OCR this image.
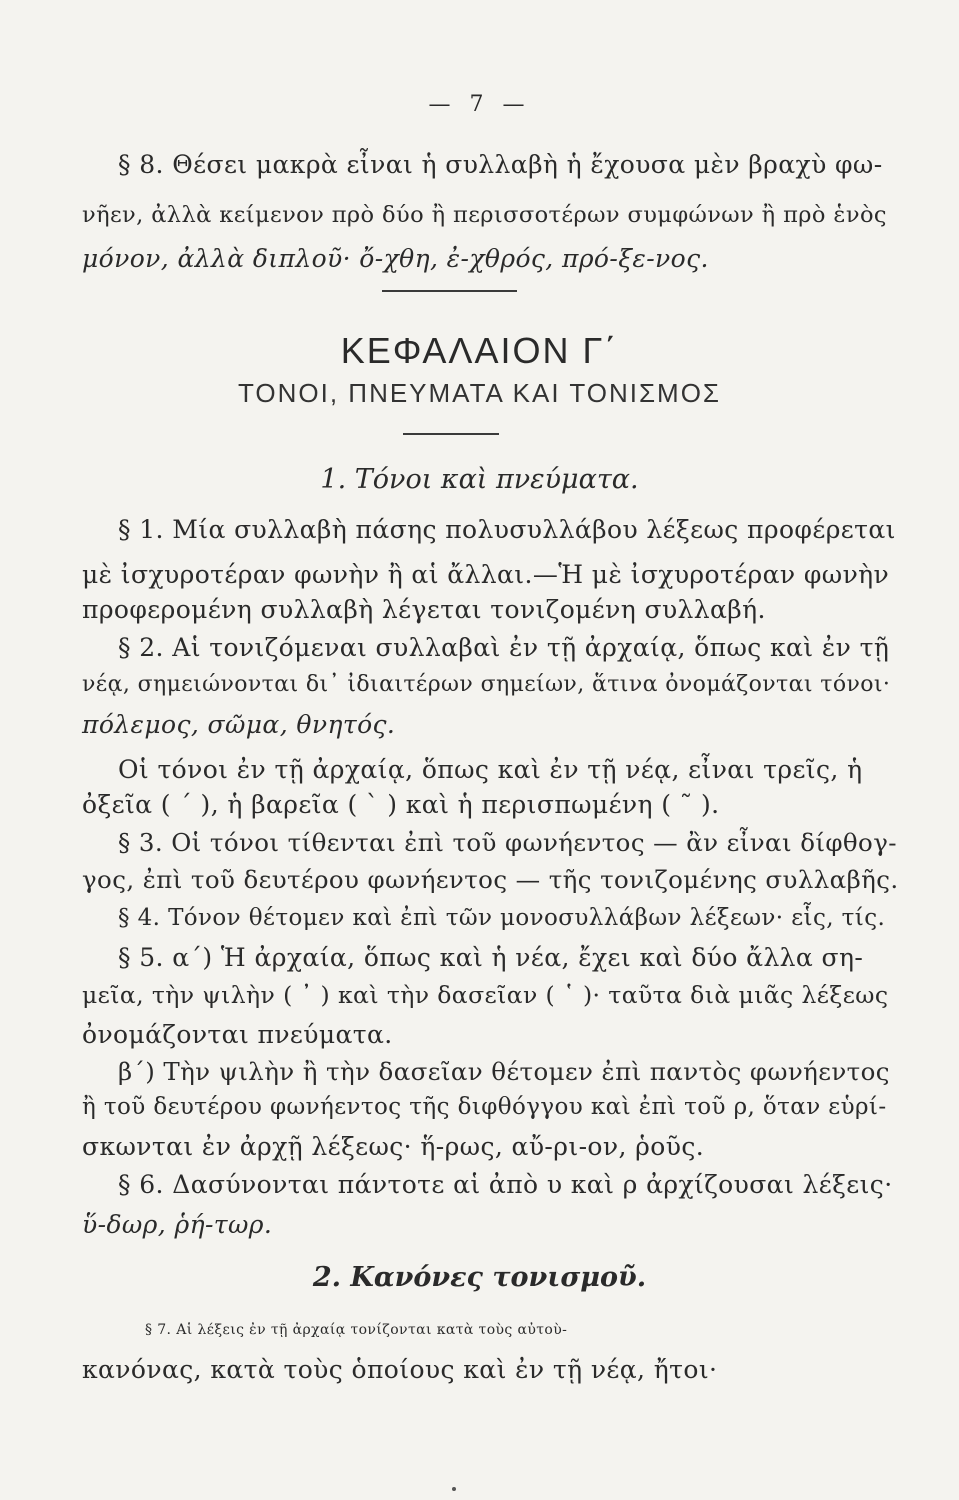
— 7 —
§ 8. Θέσει μακρὰ εἶναι ἡ συλλαβὴ ἡ ἔχουσα μὲν βραχὺ φω-
νῆεν, ἀλλὰ κείμενον πρὸ δύο ἢ περισσοτέρων συμφώνων ἢ πρὸ ἑνὸς
μόνον, ἀλλὰ διπλοῦ· ὄ-χθη, ἐ-χθρός, πρό-ξε-νος.
ΚΕΦΑΛΑΙΟΝ Γ΄
ΤΟΝΟΙ, ΠΝΕΥΜΑΤΑ ΚΑΙ ΤΟΝΙΣΜΟΣ
1. Τόνοι καὶ πνεύματα.
§ 1. Μία συλλαβὴ πάσης πολυσυλλάβου λέξεως προφέρεται
μὲ ἰσχυροτέραν φωνὴν ἢ αἱ ἄλλαι.—Ἡ μὲ ἰσχυροτέραν φωνὴν
προφερομένη συλλαβὴ λέγεται τονιζομένη συλλαβή.
§ 2. Αἱ τονιζόμεναι συλλαβαὶ ἐν τῇ ἀρχαίᾳ, ὅπως καὶ ἐν τῇ
νέᾳ, σημειώνονται δι᾽ ἰδιαιτέρων σημείων, ἅτινα ὀνομάζονται τόνοι·
πόλεμος, σῶμα, θνητός.
Οἱ τόνοι ἐν τῇ ἀρχαίᾳ, ὅπως καὶ ἐν τῇ νέᾳ, εἶναι τρεῖς, ἡ
ὀξεῖα ( ΄ ), ἡ βαρεῖα ( ` ) καὶ ἡ περισπωμένη ( ῀ ).
§ 3. Οἱ τόνοι τίθενται ἐπὶ τοῦ φωνήεντος — ἂν εἶναι δίφθογ-
γος, ἐπὶ τοῦ δευτέρου φωνήεντος — τῆς τονιζομένης συλλαβῆς.
§ 4. Τόνον θέτομεν καὶ ἐπὶ τῶν μονοσυλλάβων λέξεων· εἷς, τίς.
§ 5. α΄) Ἡ ἀρχαία, ὅπως καὶ ἡ νέα, ἔχει καὶ δύο ἄλλα ση-
μεῖα, τὴν ψιλὴν ( ᾿ ) καὶ τὴν δασεῖαν ( ῾ )· ταῦτα διὰ μιᾶς λέξεως
ὀνομάζονται πνεύματα.
β΄) Τὴν ψιλὴν ἢ τὴν δασεῖαν θέτομεν ἐπὶ παντὸς φωνήεντος
ἢ τοῦ δευτέρου φωνήεντος τῆς διφθόγγου καὶ ἐπὶ τοῦ ρ, ὅταν εὑρί-
σκωνται ἐν ἀρχῇ λέξεως· ἥ-ρως, αὔ-ρι-ον, ῥοῦς.
§ 6. Δασύνονται πάντοτε αἱ ἀπὸ υ καὶ ρ ἀρχίζουσαι λέξεις·
ὕ-δωρ, ῥή-τωρ.
2. Κανόνες τονισμοῦ.
§ 7. Αἱ λέξεις ἐν τῇ ἀρχαίᾳ τονίζονται κατὰ τοὺς αὐτοὺ-
κανόνας, κατὰ τοὺς ὁποίους καὶ ἐν τῇ νέᾳ, ἤτοι·
